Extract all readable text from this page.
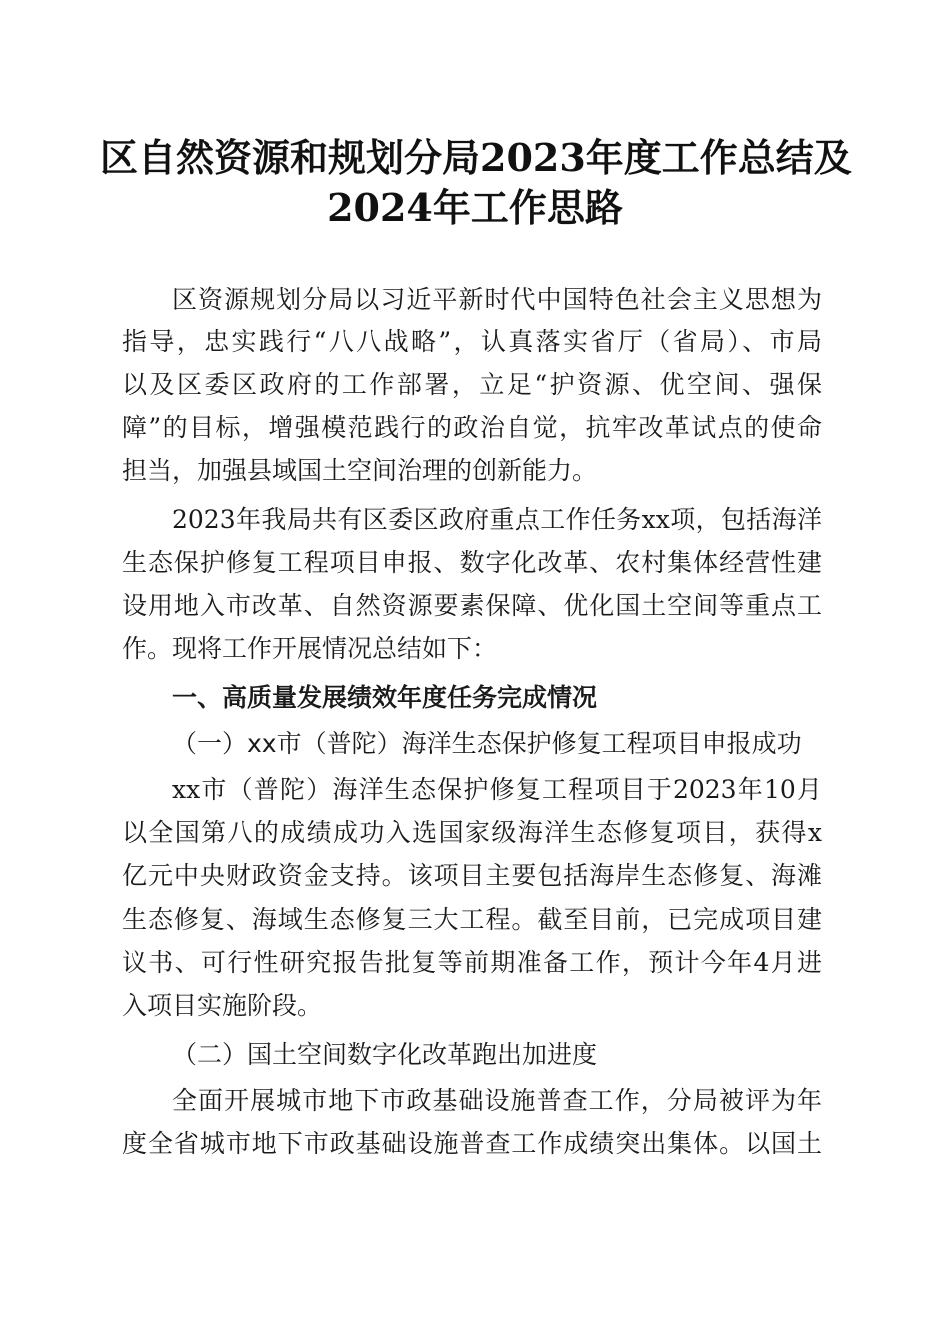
区自然资源和规划分局2023年度工作总结及
2024年工作思路
区资源规划分局以习近平新时代中国特色社会主义思想为
指导，忠实践行“八八战略”，认真落实省厅（省局）、市局
以及区委区政府的工作部署，立足“护资源、优空间、强保
障”的目标，增强模范践行的政治自觉，抗牢改革试点的使命
担当，加强县域国土空间治理的创新能力。
2023年我局共有区委区政府重点工作任务xx项，包括海洋
生态保护修复工程项目申报、数字化改革、农村集体经营性建
设用地入市改革、自然资源要素保障、优化国土空间等重点工
作。现将工作开展情况总结如下：
一、高质量发展绩效年度任务完成情况
（一）xx市（普陀）海洋生态保护修复工程项目申报成功
xx市（普陀）海洋生态保护修复工程项目于2023年10月
以全国第八的成绩成功入选国家级海洋生态修复项目，获得x
亿元中央财政资金支持。该项目主要包括海岸生态修复、海滩
生态修复、海域生态修复三大工程。截至目前，已完成项目建
议书、可行性研究报告批复等前期准备工作，预计今年4月进
入项目实施阶段。
（二）国土空间数字化改革跑出加进度
全面开展城市地下市政基础设施普查工作，分局被评为年
度全省城市地下市政基础设施普查工作成绩突出集体。以国土
